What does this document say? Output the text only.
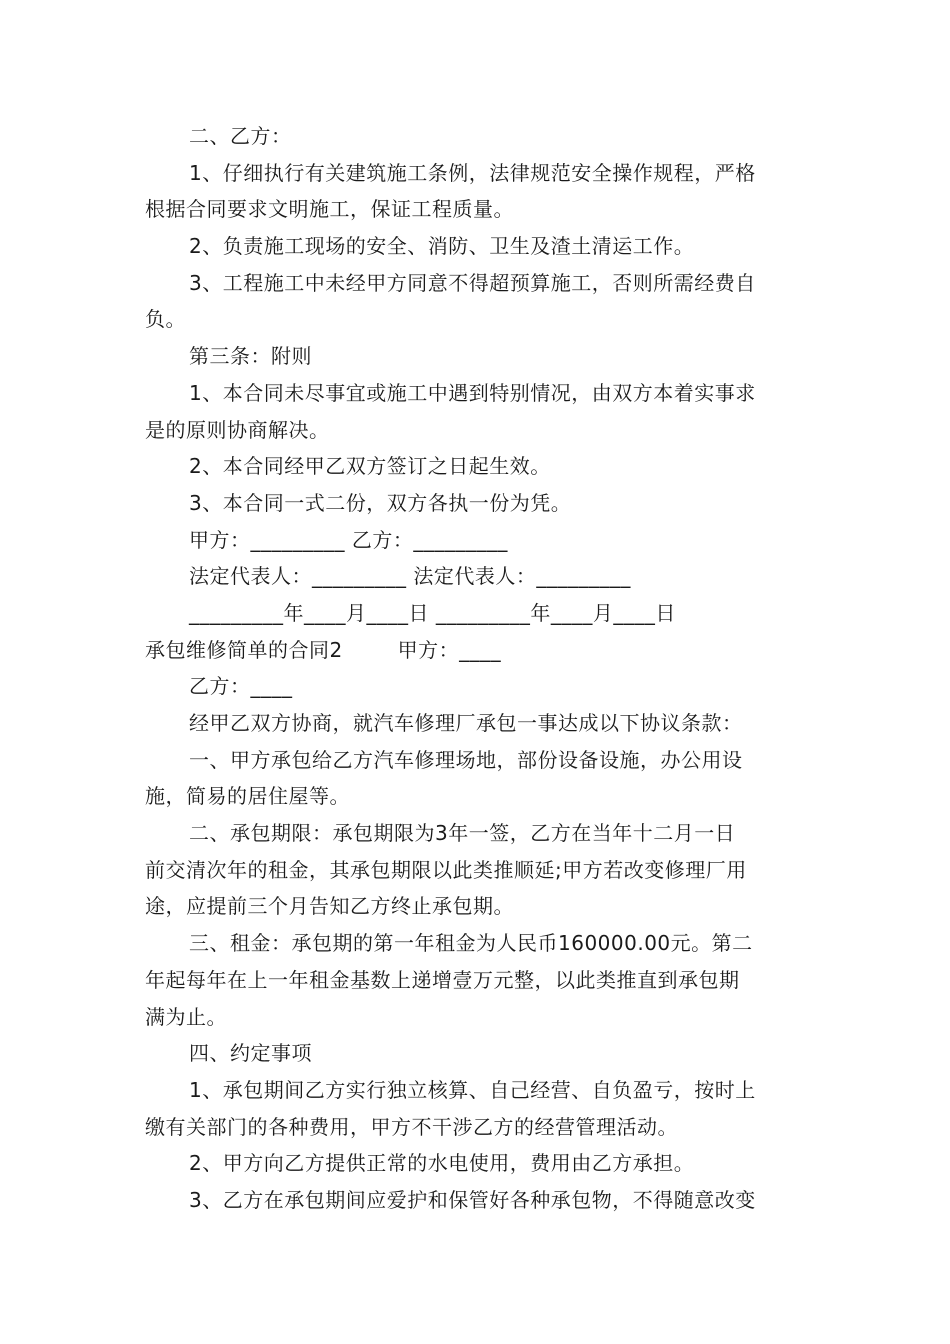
二、乙方：
1、仔细执行有关建筑施工条例，法律规范安全操作规程，严格
根据合同要求文明施工，保证工程质量。
2、负责施工现场的安全、消防、卫生及渣土清运工作。
3、工程施工中未经甲方同意不得超预算施工，否则所需经费自
负。
第三条：附则
1、本合同未尽事宜或施工中遇到特别情况，由双方本着实事求
是的原则协商解决。
2、本合同经甲乙双方签订之日起生效。
3、本合同一式二份，双方各执一份为凭。
甲方：_________ 乙方：_________
法定代表人：_________ 法定代表人：_________
_________年____月____日 _________年____月____日
承包维修简单的合同2        甲方：____
乙方：____
经甲乙双方协商，就汽车修理厂承包一事达成以下协议条款：
一、甲方承包给乙方汽车修理场地，部份设备设施，办公用设
施，简易的居住屋等。
二、承包期限：承包期限为3年一签，乙方在当年十二月一日
前交清次年的租金，其承包期限以此类推顺延;甲方若改变修理厂用
途，应提前三个月告知乙方终止承包期。
三、租金：承包期的第一年租金为人民币160000.00元。第二
年起每年在上一年租金基数上递增壹万元整，以此类推直到承包期
满为止。
四、约定事项
1、承包期间乙方实行独立核算、自己经营、自负盈亏，按时上
缴有关部门的各种费用，甲方不干涉乙方的经营管理活动。
2、甲方向乙方提供正常的水电使用，费用由乙方承担。
3、乙方在承包期间应爱护和保管好各种承包物，不得随意改变
